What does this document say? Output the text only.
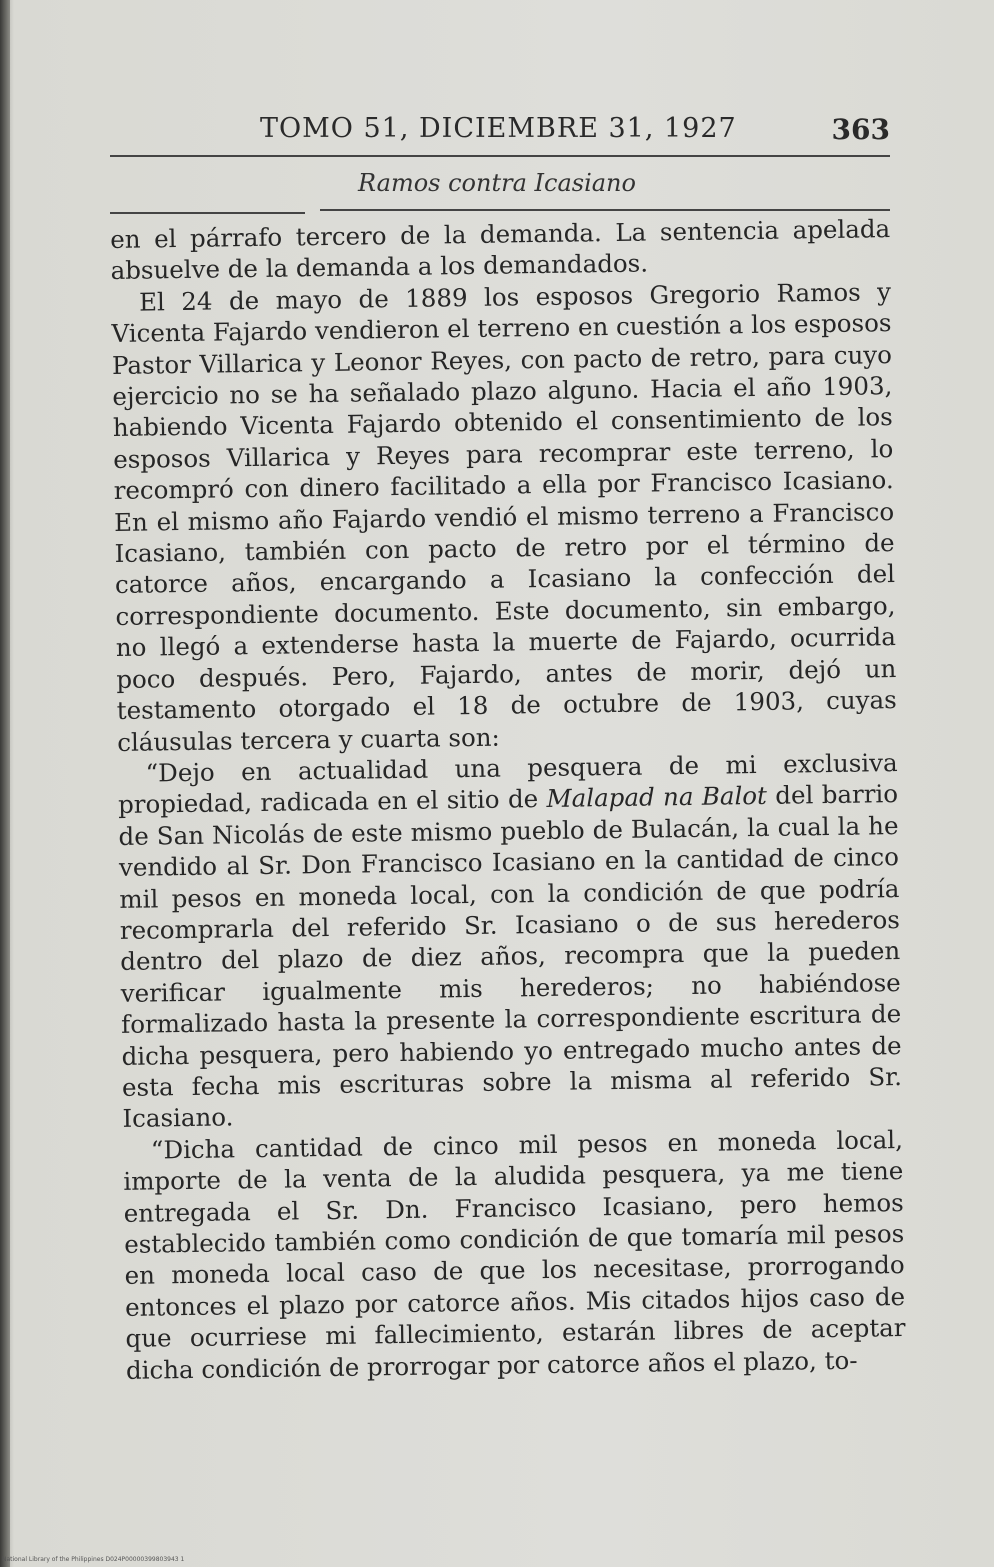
TOMO 51, DICIEMBRE 31, 1927	363
Ramos contra Icasiano

en el párrafo tercero de la demanda. La sentencia apelada absuelve de la demanda a los demandados.

El 24 de mayo de 1889 los esposos Gregorio Ramos y Vicenta Fajardo vendieron el terreno en cuestión a los esposos Pastor Villarica y Leonor Reyes, con pacto de retro, para cuyo ejercicio no se ha señalado plazo alguno. Hacia el año 1903, habiendo Vicenta Fajardo obtenido el consentimiento de los esposos Villarica y Reyes para recomprar este terreno, lo recompró con dinero facilitado a ella por Francisco Icasiano. En el mismo año Fajardo vendió el mismo terreno a Francisco Icasiano, también con pacto de retro por el término de catorce años, encargando a Icasiano la confección del correspondiente documento. Este documento, sin embargo, no llegó a extenderse hasta la muerte de Fajardo, ocurrida poco después. Pero, Fajardo, antes de morir, dejó un testamento otorgado el 18 de octubre de 1903, cuyas cláusulas tercera y cuarta son:

“Dejo en actualidad una pesquera de mi exclusiva propiedad, radicada en el sitio de Malapad na Balot del barrio de San Nicolás de este mismo pueblo de Bulacán, la cual la he vendido al Sr. Don Francisco Icasiano en la cantidad de cinco mil pesos en moneda local, con la condición de que podría recomprarla del referido Sr. Icasiano o de sus herederos dentro del plazo de diez años, recompra que la pueden verificar igualmente mis herederos; no habiéndose formalizado hasta la presente la correspondiente escritura de dicha pesquera, pero habiendo yo entregado mucho antes de esta fecha mis escrituras sobre la misma al referido Sr. Icasiano.

“Dicha cantidad de cinco mil pesos en moneda local, importe de la venta de la aludida pesquera, ya me tiene entregada el Sr. Dn. Francisco Icasiano, pero hemos establecido también como condición de que tomaría mil pesos en moneda local caso de que los necesitase, prorrogando entonces el plazo por catorce años. Mis citados hijos caso de que ocurriese mi fallecimiento, estarán libres de aceptar dicha condición de prorrogar por catorce años el plazo, to-

National Library of the Philippines D024P00000399803943 1
